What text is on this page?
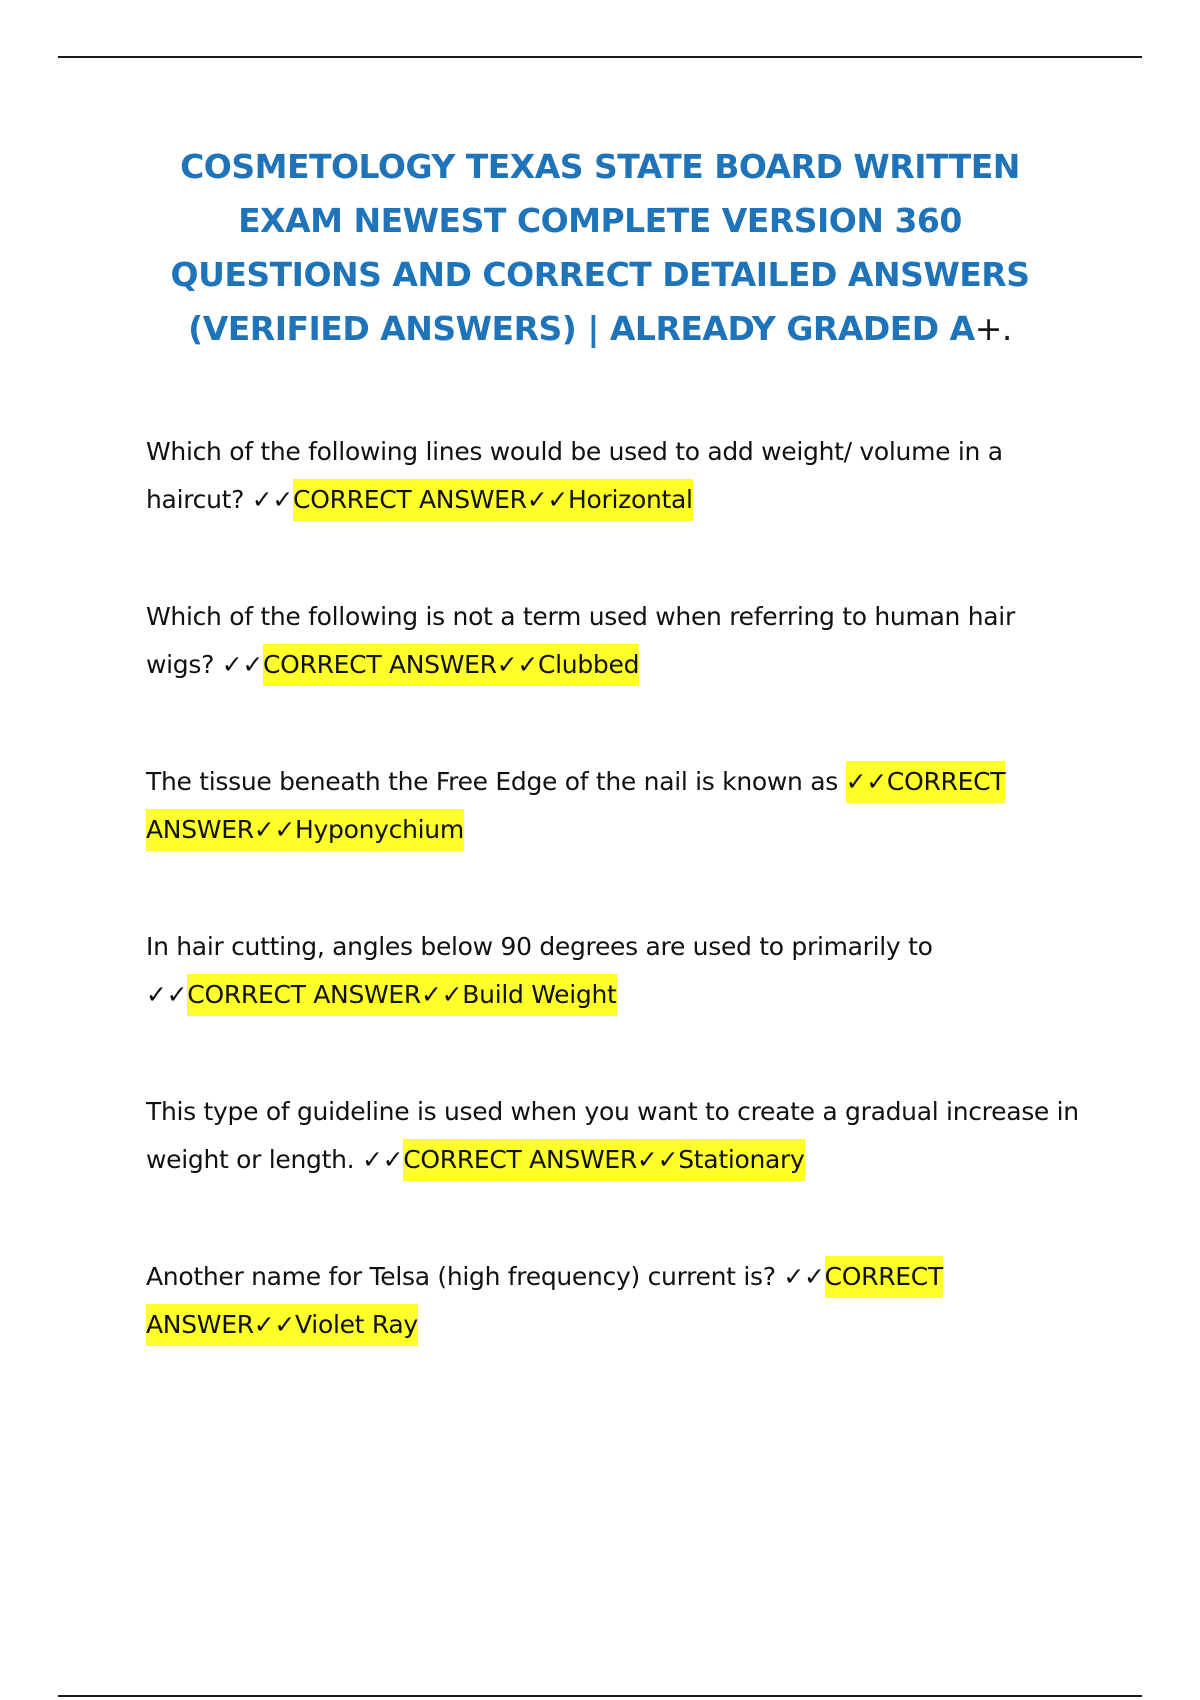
COSMETOLOGY TEXAS STATE BOARD WRITTEN EXAM NEWEST COMPLETE VERSION 360 QUESTIONS AND CORRECT DETAILED ANSWERS (VERIFIED ANSWERS) | ALREADY GRADED A+.

Which of the following lines would be used to add weight/ volume in a haircut? ✓✓CORRECT ANSWER✓✓Horizontal

Which of the following is not a term used when referring to human hair wigs? ✓✓CORRECT ANSWER✓✓Clubbed

The tissue beneath the Free Edge of the nail is known as ✓✓CORRECT ANSWER✓✓Hyponychium

In hair cutting, angles below 90 degrees are used to primarily to ✓✓CORRECT ANSWER✓✓Build Weight

This type of guideline is used when you want to create a gradual increase in weight or length. ✓✓CORRECT ANSWER✓✓Stationary

Another name for Telsa (high frequency) current is? ✓✓CORRECT ANSWER✓✓Violet Ray
